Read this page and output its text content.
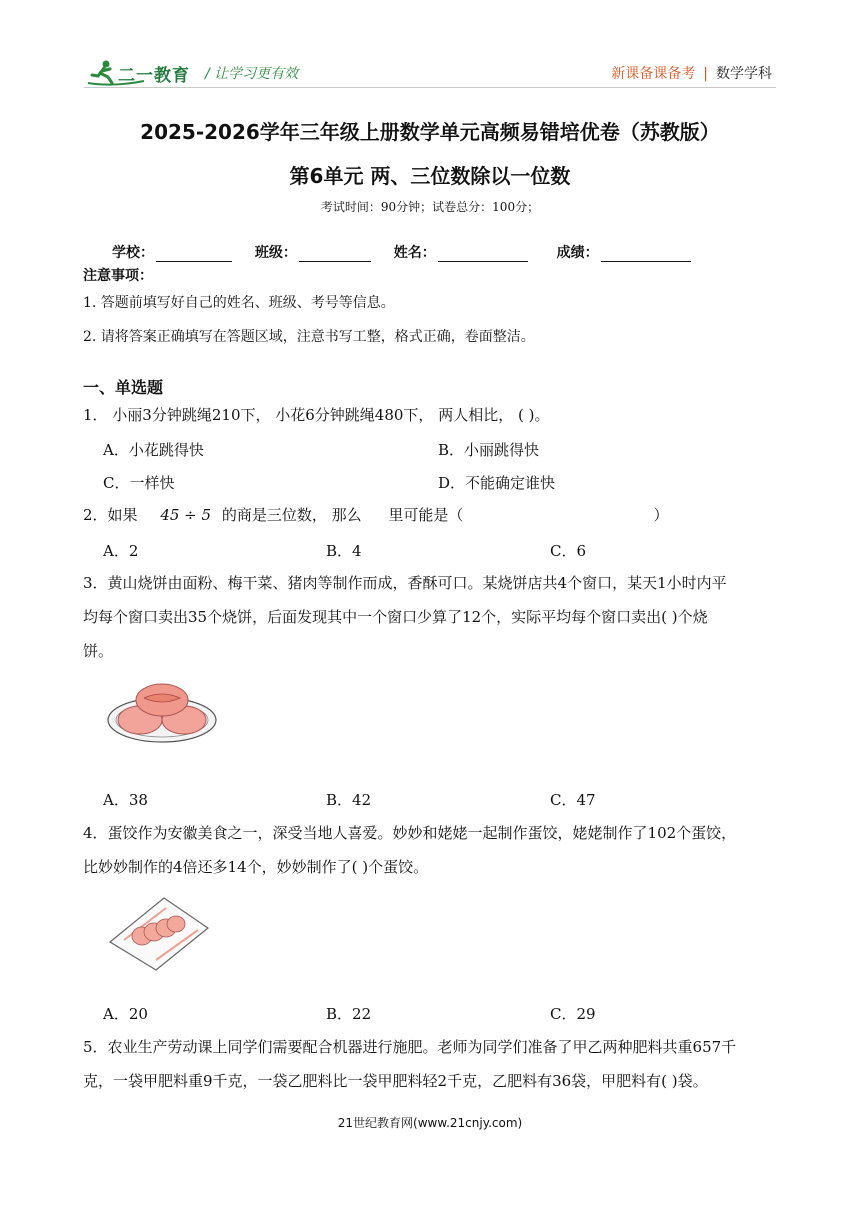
二一教育 / 让学习更有效	新课备课备考 | 数学学科
2025-2026学年三年级上册数学单元高频易错培优卷（苏教版）
第6单元 两、三位数除以一位数
考试时间：90分钟；试卷总分：100分；
学校：	班级：	姓名：	成绩：
注意事项：
1. 答题前填写好自己的姓名、班级、考号等信息。
2. 请将答案正确填写在答题区域，注意书写工整，格式正确，卷面整洁。
一、单选题
1． 小丽3分钟跳绳210下， 小花6分钟跳绳480下， 两人相比， ( )。
A．小花跳得快	B．小丽跳得快
C．一样快	D．不能确定谁快
2．如果 45 ÷ 5 的商是三位数， 那么 里可能是（	）
A．2	B．4	C．6
3．黄山烧饼由面粉、梅干菜、猪肉等制作而成，香酥可口。某烧饼店共4个窗口，某天1小时内平
均每个窗口卖出35个烧饼，后面发现其中一个窗口少算了12个，实际平均每个窗口卖出( )个烧
饼。
A．38	B．42	C．47
4．蛋饺作为安徽美食之一，深受当地人喜爱。妙妙和姥姥一起制作蛋饺，姥姥制作了102个蛋饺，
比妙妙制作的4倍还多14个，妙妙制作了( )个蛋饺。
A．20	B．22	C．29
5．农业生产劳动课上同学们需要配合机器进行施肥。老师为同学们准备了甲乙两种肥料共重657千
克，一袋甲肥料重9千克，一袋乙肥料比一袋甲肥料轻2千克，乙肥料有36袋，甲肥料有( )袋。
21世纪教育网(www.21cnjy.com)
